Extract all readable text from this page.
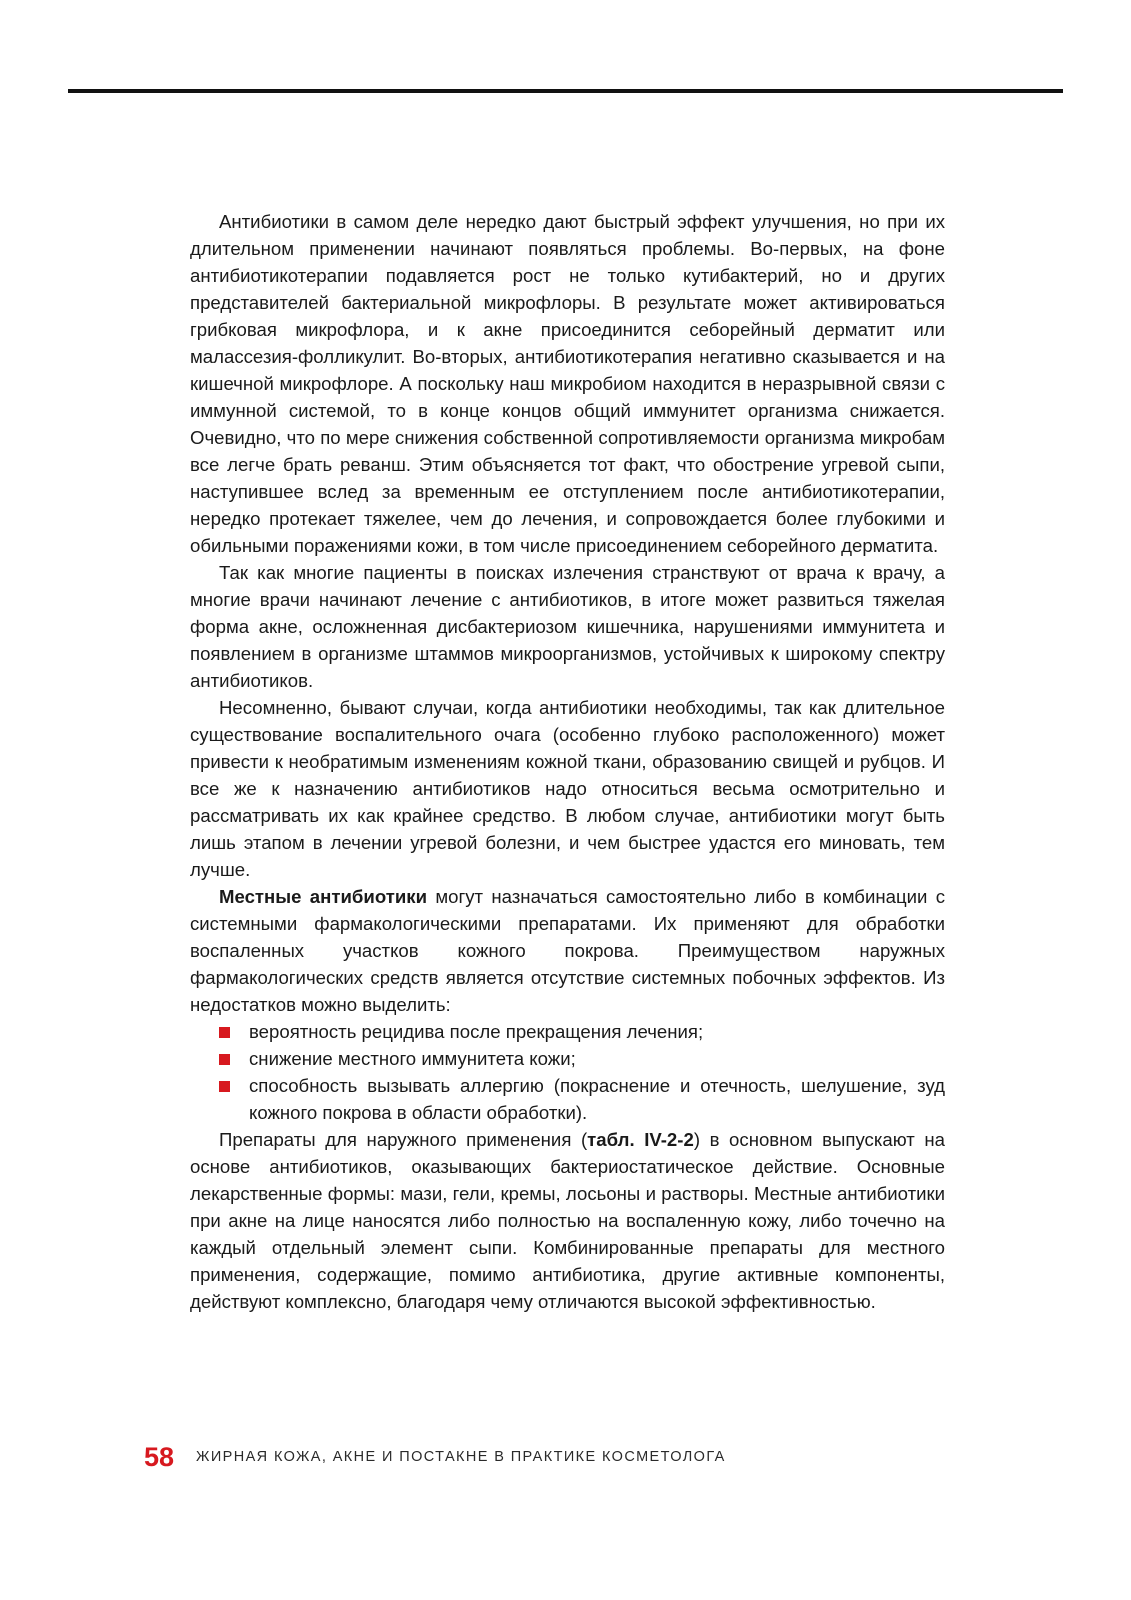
Антибиотики в самом деле нередко дают быстрый эффект улучшения, но при их длительном применении начинают появляться проблемы. Во-первых, на фоне антибиотикотерапии подавляется рост не только кутибактерий, но и других представителей бактериальной микрофлоры. В результате может активироваться грибковая микрофлора, и к акне присоединится себорейный дерматит или малассезия-фолликулит. Во-вторых, антибиотикотерапия негативно сказывается и на кишечной микрофлоре. А поскольку наш микробиом находится в неразрывной связи с иммунной системой, то в конце концов общий иммунитет организма снижается. Очевидно, что по мере снижения собственной сопротивляемости организма микробам все легче брать реванш. Этим объясняется тот факт, что обострение угревой сыпи, наступившее вслед за временным ее отступлением после антибиотикотерапии, нередко протекает тяжелее, чем до лечения, и сопровождается более глубокими и обильными поражениями кожи, в том числе присоединением себорейного дерматита.

Так как многие пациенты в поисках излечения странствуют от врача к врачу, а многие врачи начинают лечение с антибиотиков, в итоге может развиться тяжелая форма акне, осложненная дисбактериозом кишечника, нарушениями иммунитета и появлением в организме штаммов микроорганизмов, устойчивых к широкому спектру антибиотиков.

Несомненно, бывают случаи, когда антибиотики необходимы, так как длительное существование воспалительного очага (особенно глубоко расположенного) может привести к необратимым изменениям кожной ткани, образованию свищей и рубцов. И все же к назначению антибиотиков надо относиться весьма осмотрительно и рассматривать их как крайнее средство. В любом случае, антибиотики могут быть лишь этапом в лечении угревой болезни, и чем быстрее удастся его миновать, тем лучше.

Местные антибиотики могут назначаться самостоятельно либо в комбинации с системными фармакологическими препаратами. Их применяют для обработки воспаленных участков кожного покрова. Преимуществом наружных фармакологических средств является отсутствие системных побочных эффектов. Из недостатков можно выделить:

вероятность рецидива после прекращения лечения;
снижение местного иммунитета кожи;
способность вызывать аллергию (покраснение и отечность, шелушение, зуд кожного покрова в области обработки).

Препараты для наружного применения (табл. IV-2-2) в основном выпускают на основе антибиотиков, оказывающих бактериостатическое действие. Основные лекарственные формы: мази, гели, кремы, лосьоны и растворы. Местные антибиотики при акне на лице наносятся либо полностью на воспаленную кожу, либо точечно на каждый отдельный элемент сыпи. Комбинированные препараты для местного применения, содержащие, помимо антибиотика, другие активные компоненты, действуют комплексно, благодаря чему отличаются высокой эффективностью.

58 ЖИРНАЯ КОЖА, АКНЕ И ПОСТАКНЕ В ПРАКТИКЕ КОСМЕТОЛОГА
